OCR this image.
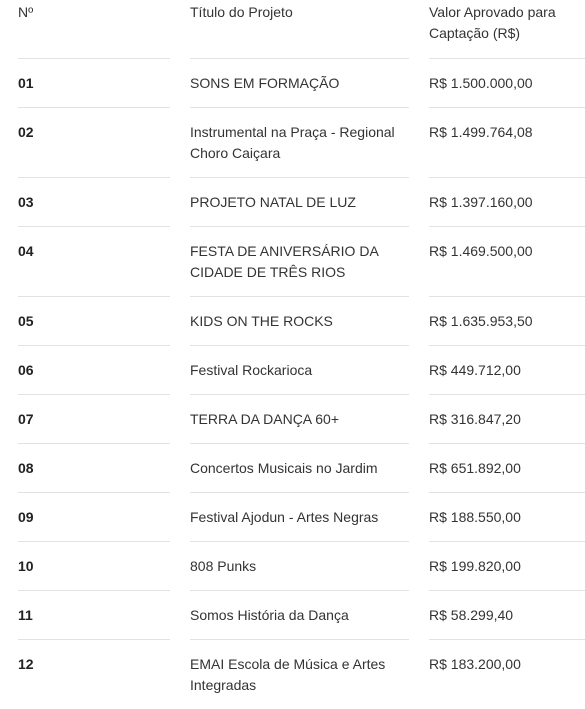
Nº	Título do Projeto	Valor Aprovado para Captação (R$)

01	SONS EM FORMAÇÃO	R$ 1.500.000,00

02	Instrumental na Praça - Regional Choro Caiçara	R$ 1.499.764,08

03	PROJETO NATAL DE LUZ	R$ 1.397.160,00

04	FESTA DE ANIVERSÁRIO DA CIDADE DE TRÊS RIOS	R$ 1.469.500,00

05	KIDS ON THE ROCKS	R$ 1.635.953,50

06	Festival Rockarioca	R$ 449.712,00

07	TERRA DA DANÇA 60+	R$ 316.847,20

08	Concertos Musicais no Jardim	R$ 651.892,00

09	Festival Ajodun - Artes Negras	R$ 188.550,00

10	808 Punks	R$ 199.820,00

11	Somos História da Dança	R$ 58.299,40

12	EMAI Escola de Música e Artes Integradas	R$ 183.200,00
